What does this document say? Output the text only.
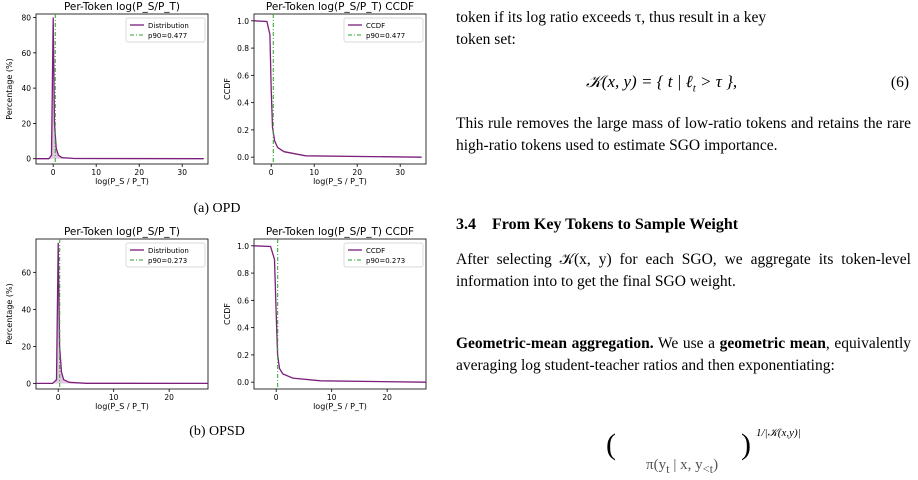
Per-Token log(P_S/P_T)
0
20
40
60
80
0	10	20	30
log(P_S / P_T)
Percentage (%)
Distribution
p90=0.477
Per-Token log(P_S/P_T) CCDF
0.0
0.2
0.4
0.6
0.8
1.0
0	10	20	30
log(P_S / P_T)
CCDF
CCDF
p90=0.477
(a) OPD
Per-Token log(P_S/P_T)
0
20
40
60
0	10	20
log(P_S / P_T)
Percentage (%)
Distribution
p90=0.273
Per-Token log(P_S/P_T) CCDF
0.0
0.2
0.4
0.6
0.8
1.0
0	10	20
log(P_S / P_T)
CCDF
CCDF
p90=0.273
(b) OPSD
token if its log ratio exceeds τ, thus result in a key
token set:
𝒦(x, y) = { t | ℓ$_t$ > τ },	(6)
This rule removes the large mass of low-ratio tokens and retains the rare high-ratio tokens used to estimate SGO importance.
3.4 From Key Tokens to Sample Weight
After selecting 𝒦(x, y) for each SGO, we aggregate its token-level information into to get the final SGO weight.
Geometric-mean aggregation. We use a geometric mean, equivalently averaging log student-teacher ratios and then exponentiating:
(	)
$\pi(y_t$ | x, $y_{<t}$)
1/|𝒦(x,y)|
